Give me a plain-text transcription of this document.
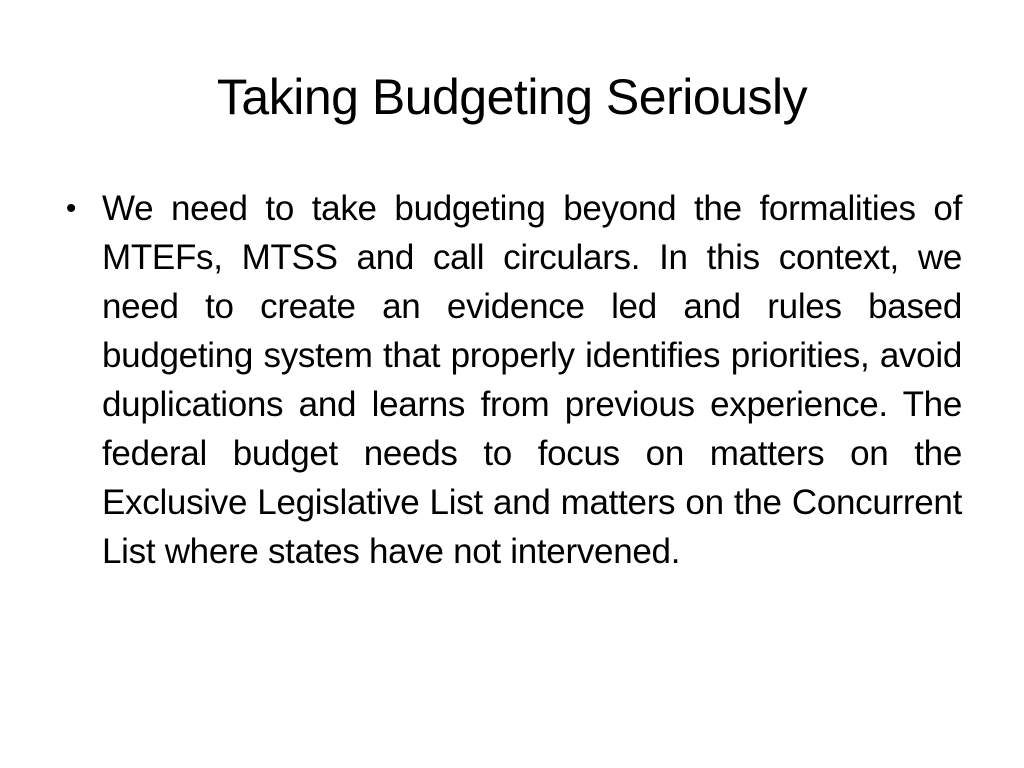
Taking Budgeting Seriously
• We need to take budgeting beyond the formalities of MTEFs, MTSS and call circulars. In this context, we need to create an evidence led and rules based budgeting system that properly identifies priorities, avoid duplications and learns from previous experience. The federal budget needs to focus on matters on the Exclusive Legislative List and matters on the Concurrent List where states have not intervened.
